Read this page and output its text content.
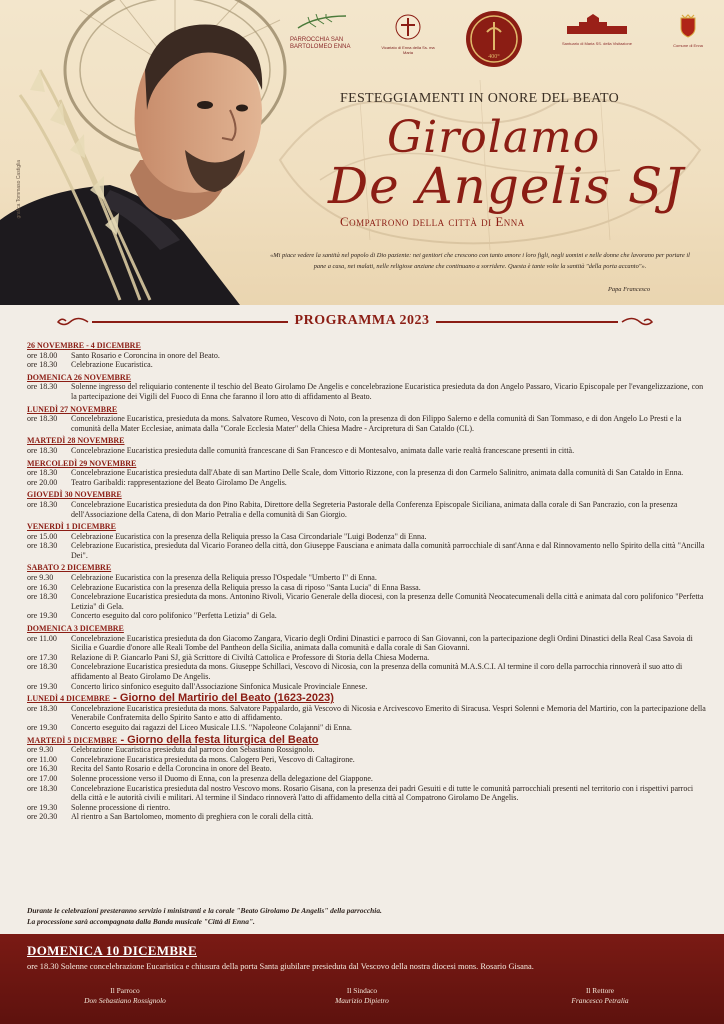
grafica Tommaso Castiglia
PARROCCHIA SAN BARTOLOMEO ENNA	Vicariato di Enna della Ss. ma Maria
400°
Santuario di Maria SS. della Visitazione	Comune di Enna
FESTEGGIAMENTI IN ONORE DEL BEATO
Girolamo
De Angelis SJ
Compatrono della città di Enna
«Mi piace vedere la santità nel popolo di Dio paziente: nei genitori che crescono con tanto amore i loro figli, negli uomini e nelle donne che lavorano per portare il pane a casa, nei malati, nelle religiose anziane che continuano a sorridere. Questa è tante volte la santità "della porta accanto"».
Papa Francesco
PROGRAMMA 2023
26 NOVEMBRE - 4 DICEMBRE
ore 18.00	Santo Rosario e Coroncina in onore del Beato.
ore 18.30	Celebrazione Eucaristica.
DOMENICA 26 NOVEMBRE
ore 18.30	Solenne ingresso del reliquiario contenente il teschio del Beato Girolamo De Angelis e concelebrazione Eucaristica presieduta da don Angelo Passaro, Vicario Episcopale per l'evangelizzazione, con la partecipazione dei Vigili del Fuoco di Enna che faranno il loro atto di affidamento al Beato.
LUNEDÌ 27 NOVEMBRE
ore 18.30	Concelebrazione Eucaristica, presieduta da mons. Salvatore Rumeo, Vescovo di Noto, con la presenza di don Filippo Salerno e della comunità di San Tommaso, e di don Angelo Lo Presti e la comunità della Mater Ecclesiae, animata dalla "Corale Ecclesia Mater" della Chiesa Madre - Arcipretura di San Cataldo (CL).
MARTEDÌ 28 NOVEMBRE
ore 18.30	Concelebrazione Eucaristica presieduta dalle comunità francescane di San Francesco e di Montesalvo, animata dalle varie realtà francescane presenti in città.
MERCOLEDÌ 29 NOVEMBRE
ore 18.30	Concelebrazione Eucaristica presieduta dall'Abate di san Martino Delle Scale, dom Vittorio Rizzone, con la presenza di don Carmelo Salinitro, animata dalla comunità di San Cataldo in Enna.
ore 20.00	Teatro Garibaldi: rappresentazione del Beato Girolamo De Angelis.
GIOVEDÌ 30 NOVEMBRE
ore 18.30	Concelebrazione Eucaristica presieduta da don Pino Rabita, Direttore della Segreteria Pastorale della Conferenza Episcopale Siciliana, animata dalla corale di San Pancrazio, con la presenza dell'Associazione della Catena, di don Mario Petralia e della comunità di San Giorgio.
VENERDÌ 1 DICEMBRE
ore 15.00	Celebrazione Eucaristica con la presenza della Reliquia presso la Casa Circondariale "Luigi Bodenza" di Enna.
ore 18.30	Celebrazione Eucaristica, presieduta dal Vicario Foraneo della città, don Giuseppe Fausciana e animata dalla comunità parrocchiale di sant'Anna e dal Rinnovamento nello Spirito della città "Ancilla Dei".
SABATO 2 DICEMBRE
ore 9.30	Celebrazione Eucaristica con la presenza della Reliquia presso l'Ospedale "Umberto I" di Enna.
ore 16.30	Celebrazione Eucaristica con la presenza della Reliquia presso la casa di riposo "Santa Lucia" di Enna Bassa.
ore 18.30	Concelebrazione Eucaristica presieduta da mons. Antonino Rivoli, Vicario Generale della diocesi, con la presenza delle Comunità Neocatecumenali della città e animata dal coro polifonico "Perfetta Letizia" di Gela.
ore 19.30	Concerto eseguito dal coro polifonico "Perfetta Letizia" di Gela.
DOMENICA 3 DICEMBRE
ore 11.00	Concelebrazione Eucaristica presieduta da don Giacomo Zangara, Vicario degli Ordini Dinastici e parroco di San Giovanni, con la partecipazione degli Ordini Dinastici della Real Casa Savoia di Sicilia e Guardie d'onore alle Reali Tombe del Pantheon della Sicilia, animata dalla comunità e dalla corale di San Giovanni.
ore 17.30	Relazione di P. Giancarlo Pani SJ, già Scrittore di Civiltà Cattolica e Professore di Storia della Chiesa Moderna.
ore 18.30	Concelebrazione Eucaristica presieduta da mons. Giuseppe Schillaci, Vescovo di Nicosia, con la presenza della comunità M.A.S.C.I. Al termine il coro della parrocchia rinnoverà il suo atto di affidamento al Beato Girolamo De Angelis.
ore 19.30	Concerto lirico sinfonico eseguito dall'Associazione Sinfonica Musicale Provinciale Ennese.
LUNEDÌ 4 DICEMBRE - Giorno del Martirio del Beato (1623-2023)
ore 18.30	Concelebrazione Eucaristica presieduta da mons. Salvatore Pappalardo, già Vescovo di Nicosia e Arcivescovo Emerito di Siracusa. Vespri Solenni e Memoria del Martirio, con la partecipazione della Venerabile Confraternita dello Spirito Santo e atto di affidamento.
ore 19.30	Concerto eseguito dai ragazzi del Liceo Musicale I.I.S. "Napoleone Colajanni" di Enna.
MARTEDÌ 5 DICEMBRE - Giorno della festa liturgica del Beato
ore 9.30	Celebrazione Eucaristica presieduta dal parroco don Sebastiano Rossignolo.
ore 11.00	Concelebrazione Eucaristica presieduta da mons. Calogero Peri, Vescovo di Caltagirone.
ore 16.30	Recita del Santo Rosario e della Coroncina in onore del Beato.
ore 17.00	Solenne processione verso il Duomo di Enna, con la presenza della delegazione del Giappone.
ore 18.30	Concelebrazione Eucaristica presieduta dal nostro Vescovo mons. Rosario Gisana, con la presenza dei padri Gesuiti e di tutte le comunità parrocchiali presenti nel territorio con i rispettivi parroci della città e le autorità civili e militari. Al termine il Sindaco rinnoverà l'atto di affidamento della città al Compatrono Girolamo De Angelis.
ore 19.30	Solenne processione di rientro.
ore 20.30	Al rientro a San Bartolomeo, momento di preghiera con le corali della città.
Durante le celebrazioni presteranno servizio i ministranti e la corale "Beato Girolamo De Angelis" della parrocchia.
La processione sarà accompagnata dalla Banda musicale "Città di Enna".
DOMENICA 10 DICEMBRE
ore 18.30 Solenne concelebrazione Eucaristica e chiusura della porta Santa giubilare presieduta dal Vescovo della nostra diocesi mons. Rosario Gisana.
Il Parroco
Don Sebastiano Rossignolo
Il Sindaco
Maurizio Dipietro
Il Rettore
Francesco Petralia
